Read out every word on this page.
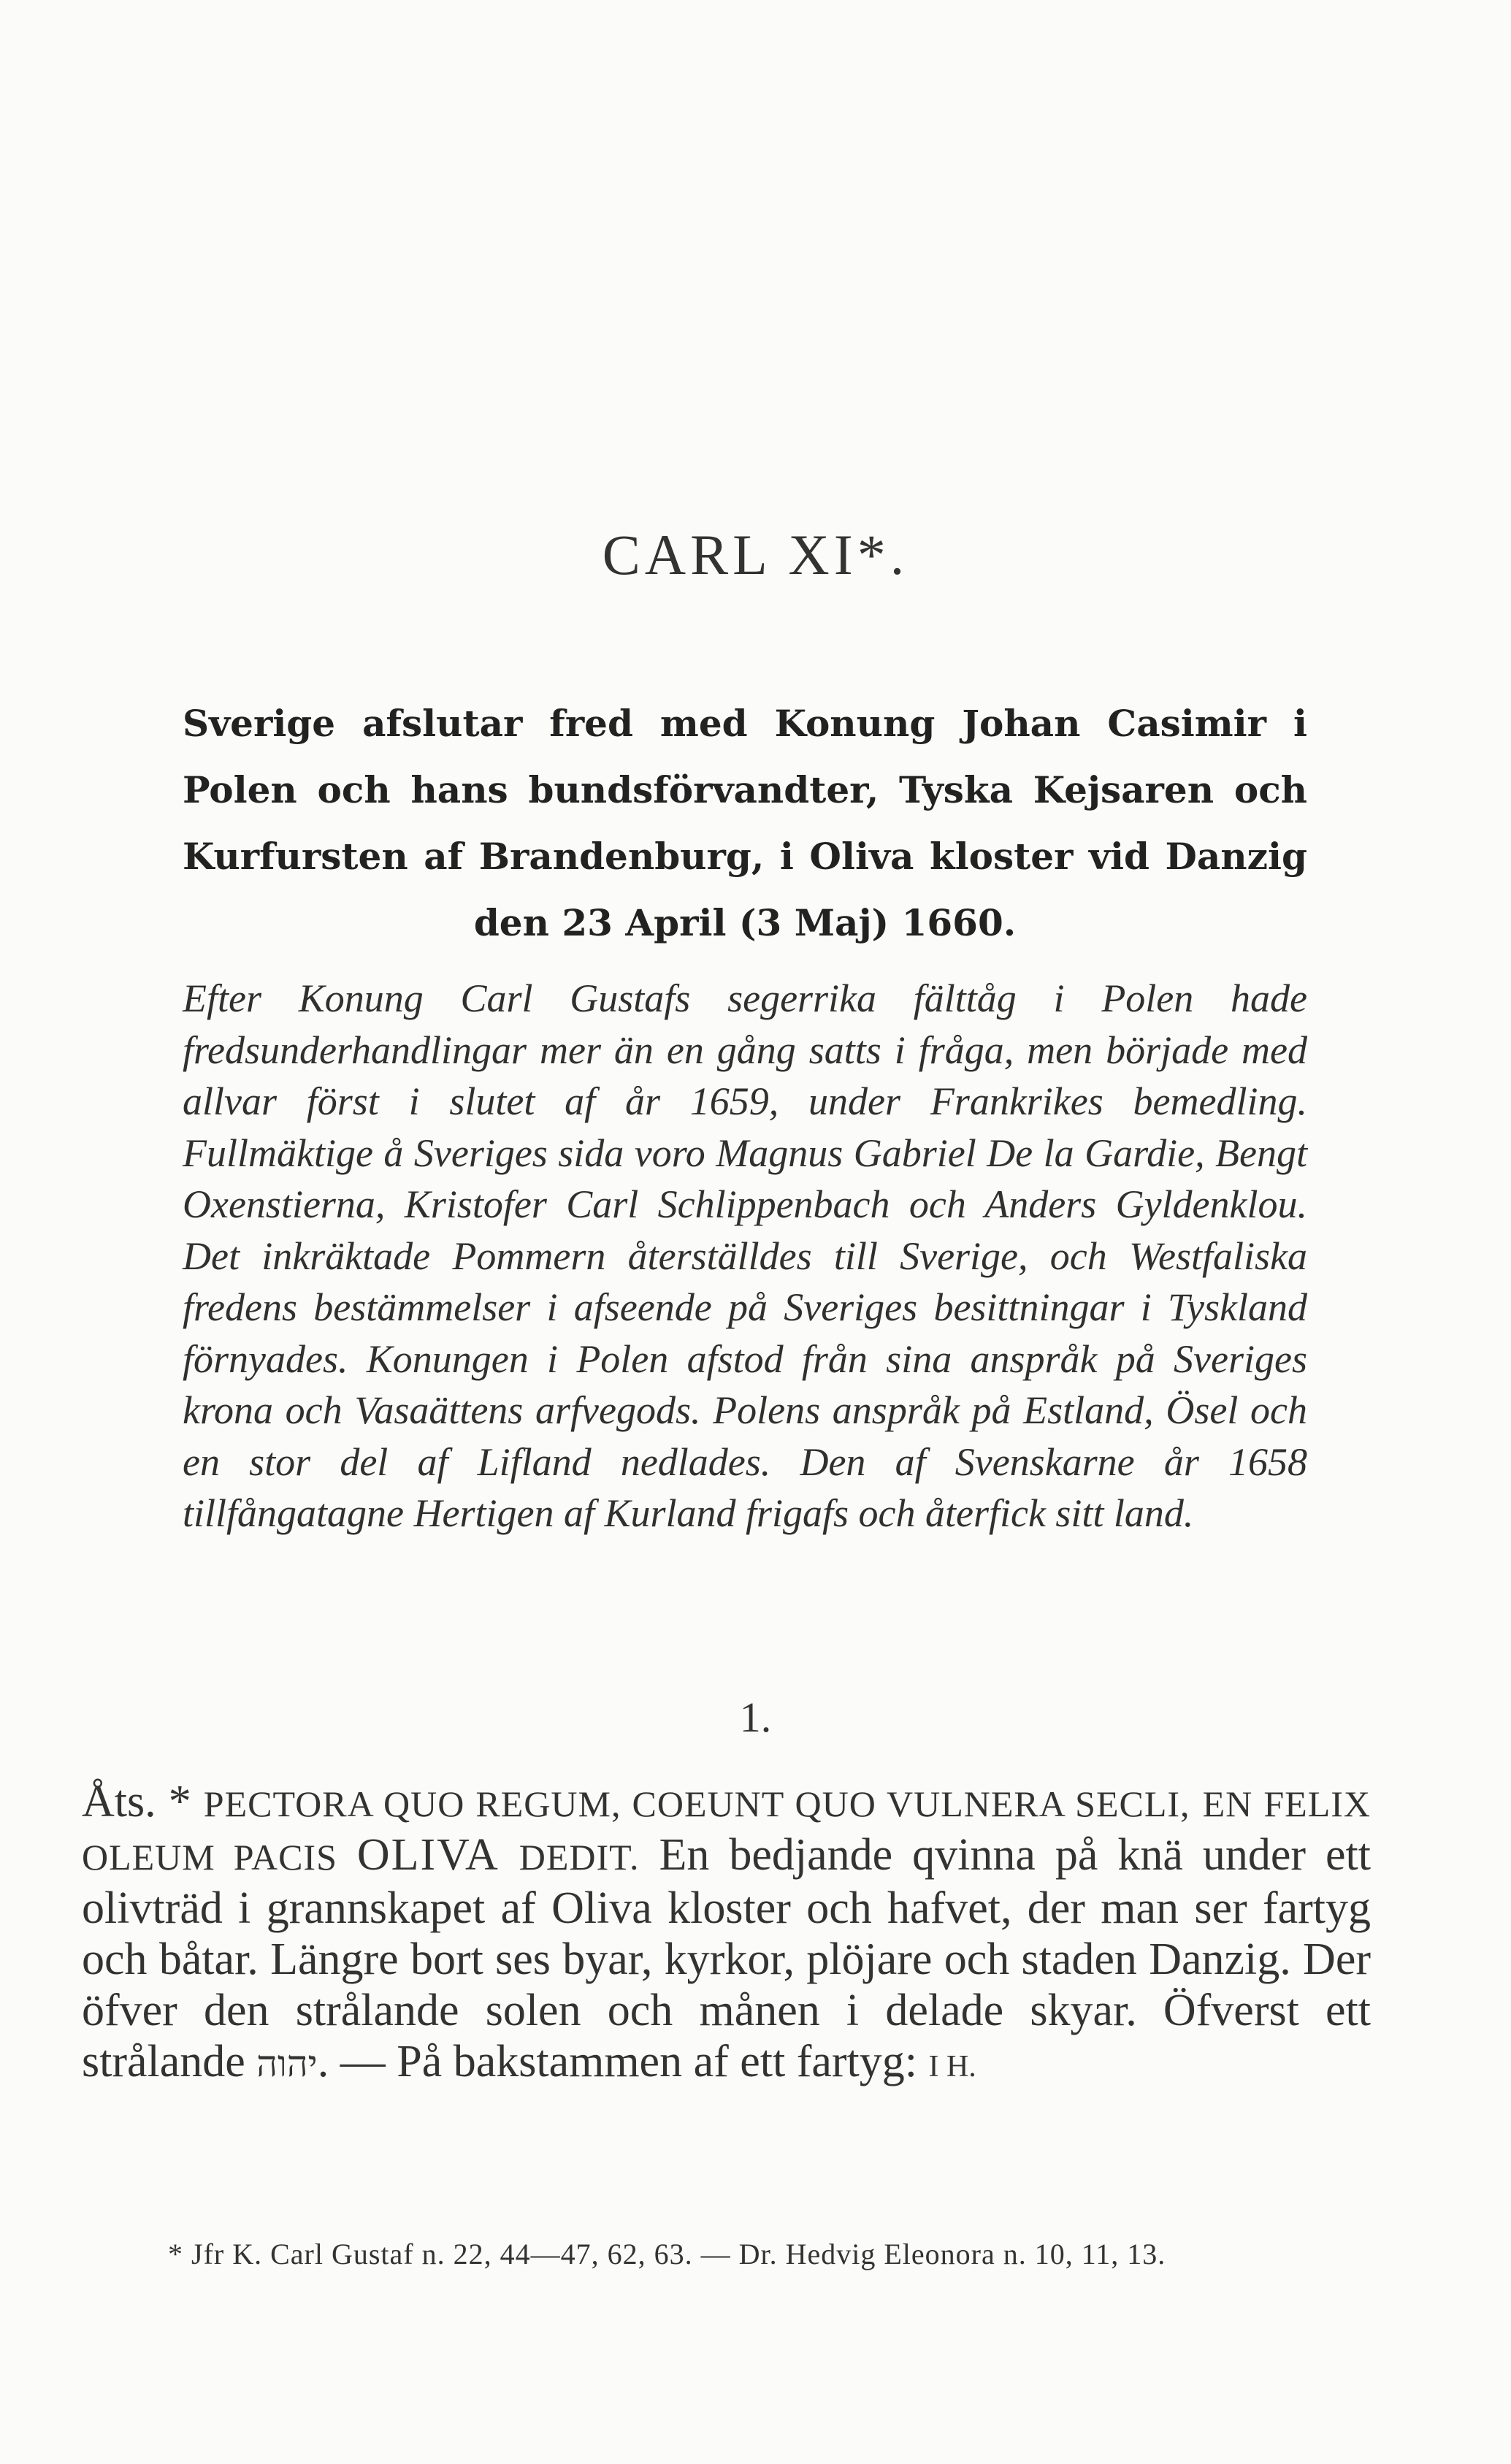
CARL XI*.
Sverige afslutar fred med Konung Johan Casimir i Polen och hans bundsförvandter, Tyska Kejsaren och Kurfursten af Brandenburg, i Oliva kloster vid Danzig den 23 April (3 Maj) 1660.
Efter Konung Carl Gustafs segerrika fälttåg i Polen hade fredsunderhandlingar mer än en gång satts i fråga, men började med allvar först i slutet af år 1659, under Frankrikes bemedling. Fullmäktige å Sveriges sida voro Magnus Gabriel De la Gardie, Bengt Oxenstierna, Kristofer Carl Schlippenbach och Anders Gyldenklou. Det inkräktade Pommern återställdes till Sverige, och Westfaliska fredens bestämmelser i afseende på Sveriges besittningar i Tyskland förnyades. Konungen i Polen afstod från sina anspråk på Sveriges krona och Vasaättens arfvegods. Polens anspråk på Estland, Ösel och en stor del af Lifland nedlades. Den af Svenskarne år 1658 tillfångatagne Hertigen af Kurland frigafs och återfick sitt land.
1.
Åts. * PECTORA QUO REGUM, COEUNT QUO VULNERA SECLI, EN FELIX OLEUM PACIS OLIVA DEDIT. En bedjande qvinna på knä under ett olivträd i grannskapet af Oliva kloster och hafvet, der man ser fartyg och båtar. Längre bort ses byar, kyrkor, plöjare och staden Danzig. Der öfver den strålande solen och månen i delade skyar. Öfverst ett strålande יהוה. — På bakstammen af ett fartyg: I H.
* Jfr K. Carl Gustaf n. 22, 44—47, 62, 63. — Dr. Hedvig Eleonora n. 10, 11, 13.
